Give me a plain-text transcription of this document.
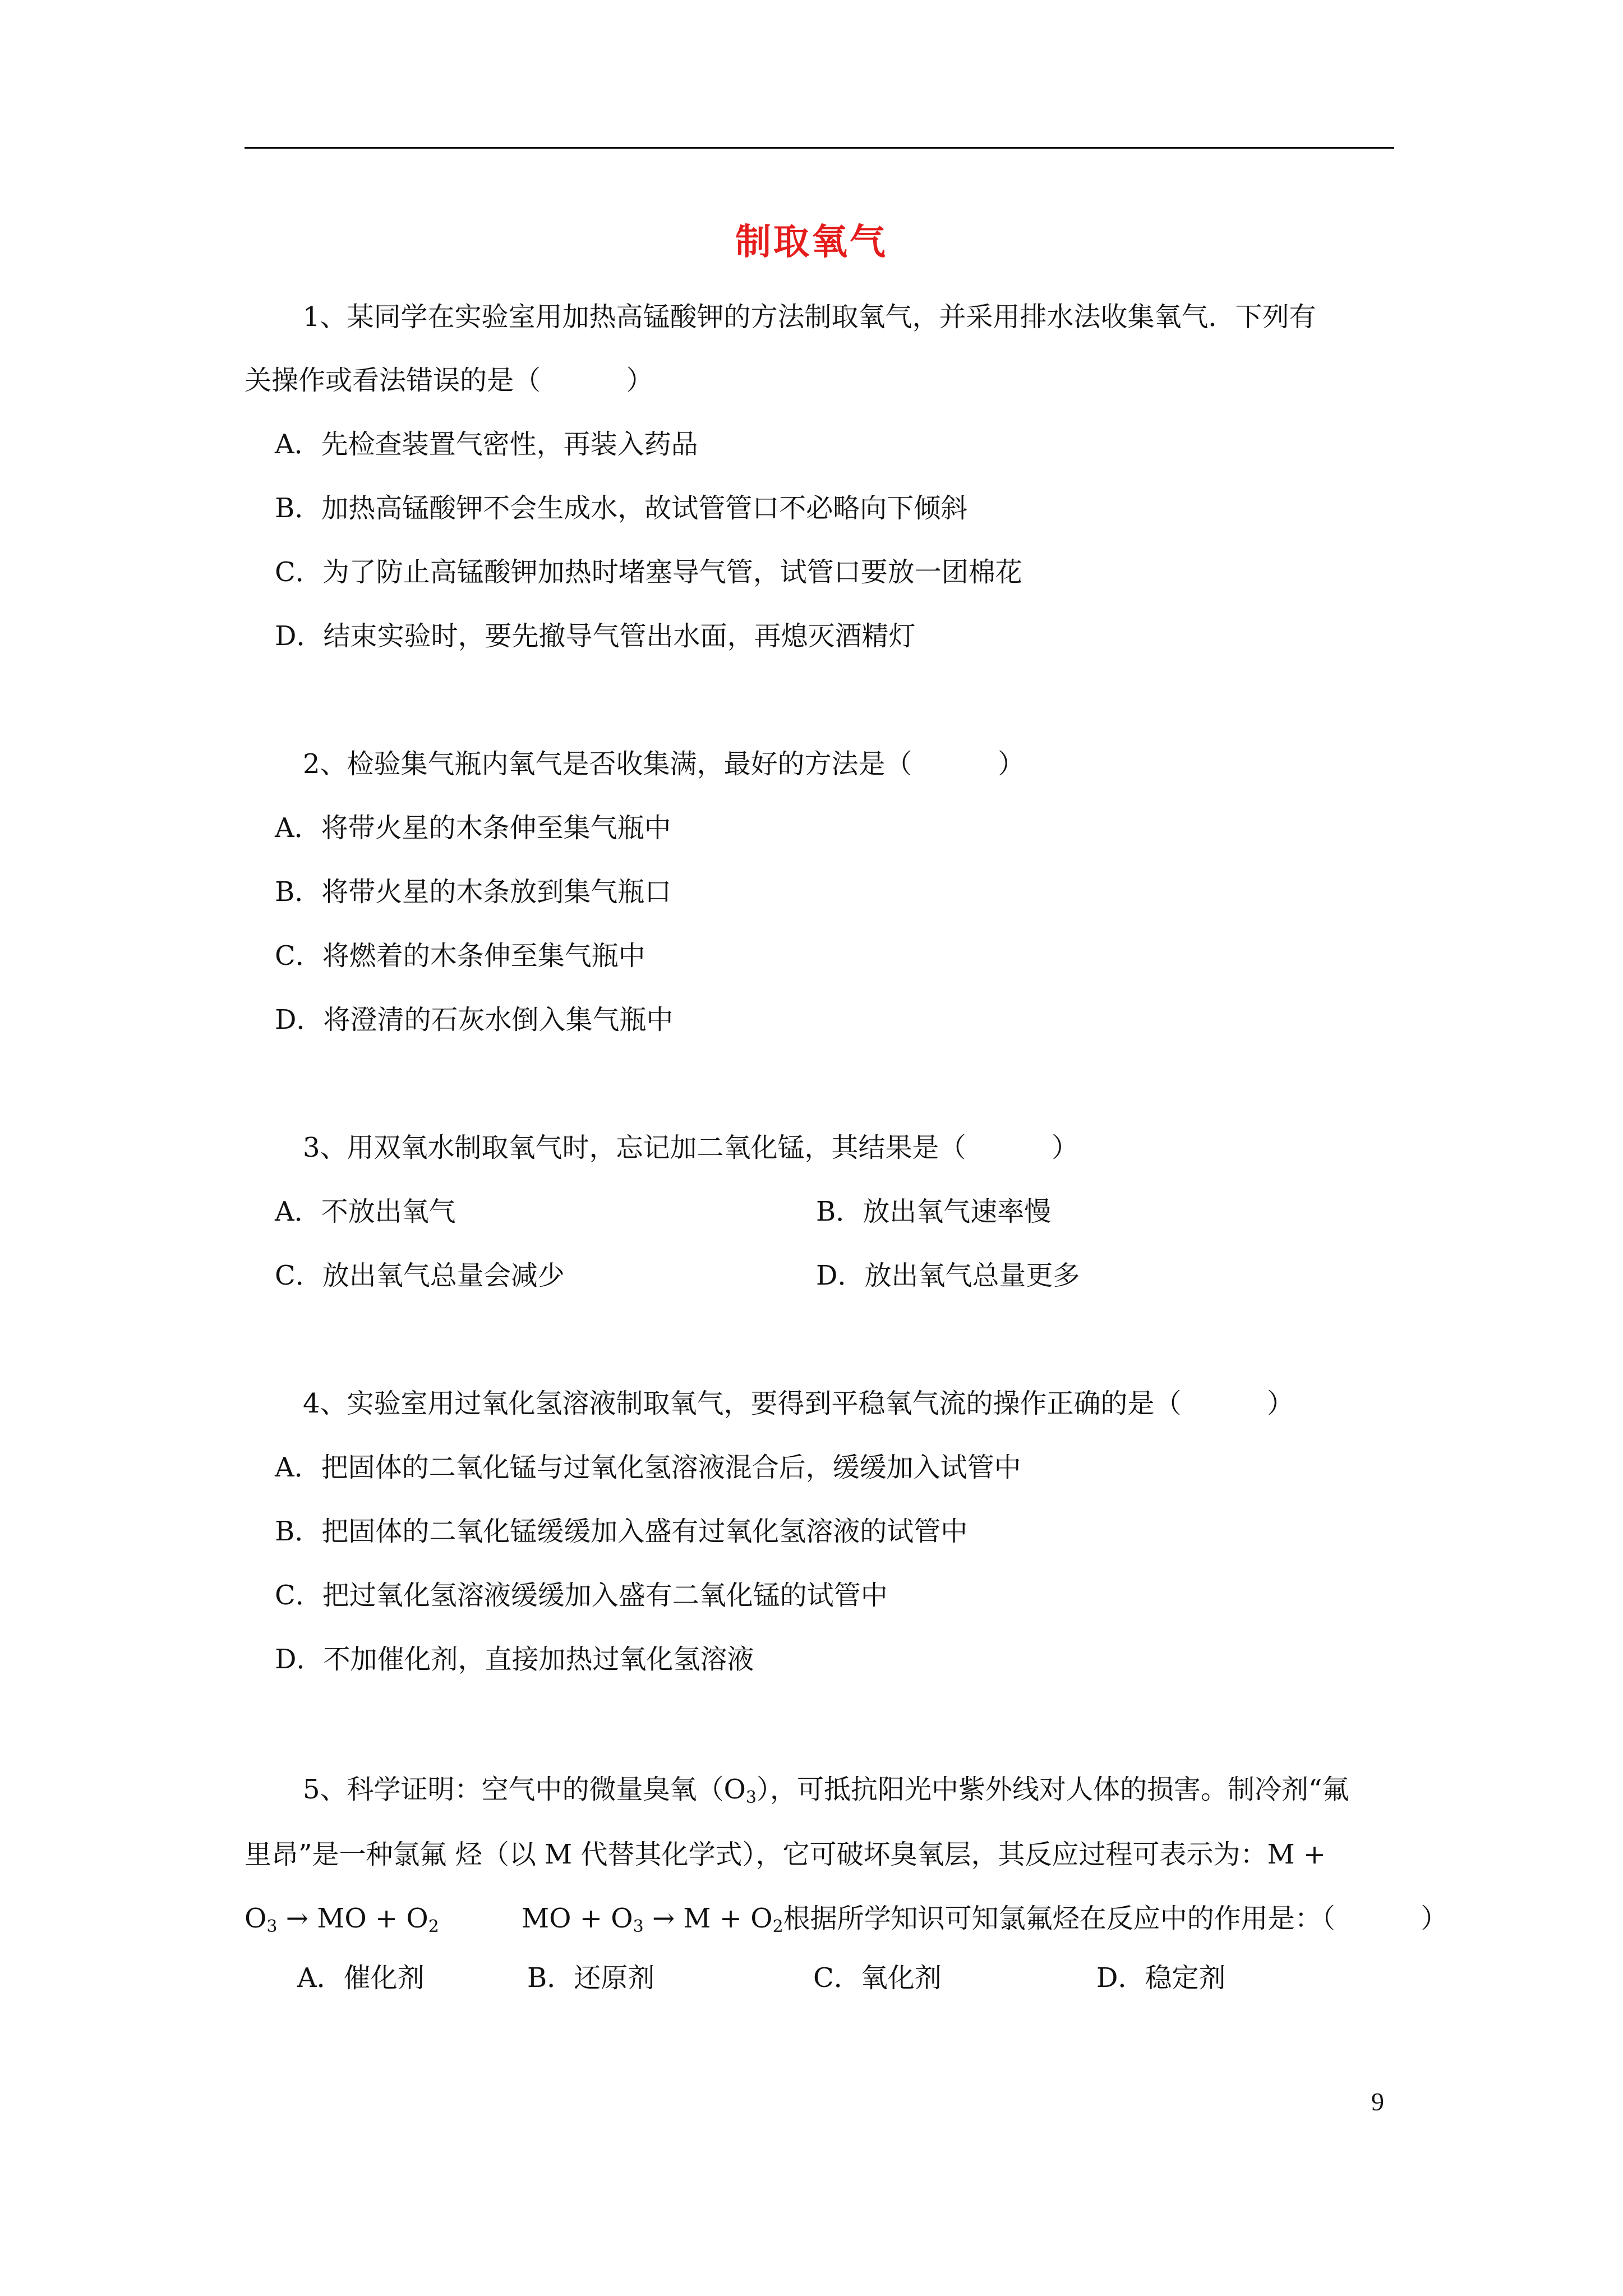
制取氧气
1、某同学在实验室用加热高锰酸钾的方法制取氧气，并采用排水法收集氧气．下列有
关操作或看法错误的是（          ）
A．先检查装置气密性，再装入药品
B．加热高锰酸钾不会生成水，故试管管口不必略向下倾斜
C．为了防止高锰酸钾加热时堵塞导气管，试管口要放一团棉花
D．结束实验时，要先撤导气管出水面，再熄灭酒精灯
2、检验集气瓶内氧气是否收集满，最好的方法是（          ）
A．将带火星的木条伸至集气瓶中
B．将带火星的木条放到集气瓶口
C．将燃着的木条伸至集气瓶中
D．将澄清的石灰水倒入集气瓶中
3、用双氧水制取氧气时，忘记加二氧化锰，其结果是（          ）
A．不放出氧气	B．放出氧气速率慢
C．放出氧气总量会减少	D．放出氧气总量更多
4、实验室用过氧化氢溶液制取氧气，要得到平稳氧气流的操作正确的是（          ）
A．把固体的二氧化锰与过氧化氢溶液混合后，缓缓加入试管中
B．把固体的二氧化锰缓缓加入盛有过氧化氢溶液的试管中
C．把过氧化氢溶液缓缓加入盛有二氧化锰的试管中
D．不加催化剂，直接加热过氧化氢溶液
5、科学证明：空气中的微量臭氧$(O_3)$，可抵抗阳光中紫外线对人体的损害。制冷剂“氟
里昂”是一种氯氟 烃（以 M 代替其化学式），它可破坏臭氧层，其反应过程可表示为：M +
$O_3$ → MO + $O_2$	MO + $O_3 \to M + O_2$根据所学知识可知氯氟烃在反应中的作用是：（          ）
A．催化剂	B．还原剂	C．氧化剂	D．稳定剂
9
